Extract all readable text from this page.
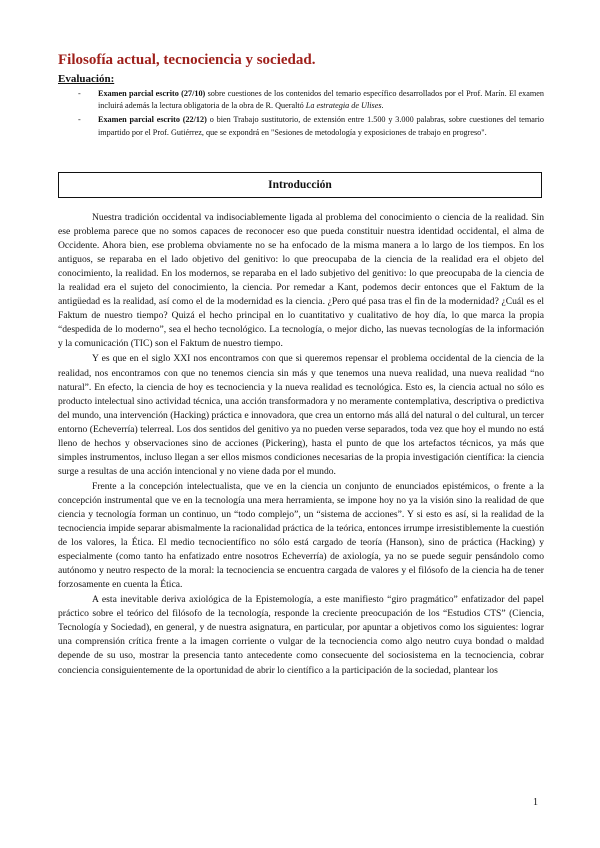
Filosofía actual, tecnociencia y sociedad.
Evaluación:
- Examen parcial escrito (27/10) sobre cuestiones de los contenidos del temario específico desarrollados por el Prof. Marín. El examen incluirá además la lectura obligatoria de la obra de R. Queraltó La estrategia de Ulises.
- Examen parcial escrito (22/12) o bien Trabajo sustitutorio, de extensión entre 1.500 y 3.000 palabras, sobre cuestiones del temario impartido por el Prof. Gutiérrez, que se expondrá en "Sesiones de metodología y exposiciones de trabajo en progreso".
Introducción

Nuestra tradición occidental va indisociablemente ligada al problema del conocimiento o ciencia de la realidad. Sin ese problema parece que no somos capaces de reconocer eso que pueda constituir nuestra identidad occidental, el alma de Occidente. Ahora bien, ese problema obviamente no se ha enfocado de la misma manera a lo largo de los tiempos. En los antiguos, se reparaba en el lado objetivo del genitivo: lo que preocupaba de la ciencia de la realidad era el objeto del conocimiento, la realidad. En los modernos, se reparaba en el lado subjetivo del genitivo: lo que preocupaba de la ciencia de la realidad era el sujeto del conocimiento, la ciencia. Por remedar a Kant, podemos decir entonces que el Faktum de la antigüedad es la realidad, así como el de la modernidad es la ciencia. ¿Pero qué pasa tras el fin de la modernidad? ¿Cuál es el Faktum de nuestro tiempo? Quizá el hecho principal en lo cuantitativo y cualitativo de hoy día, lo que marca la propia “despedida de lo moderno”, sea el hecho tecnológico. La tecnología, o mejor dicho, las nuevas tecnologías de la información y la comunicación (TIC) son el Faktum de nuestro tiempo.

Y es que en el siglo XXI nos encontramos con que si queremos repensar el problema occidental de la ciencia de la realidad, nos encontramos con que no tenemos ciencia sin más y que tenemos una nueva realidad, una nueva realidad “no natural”. En efecto, la ciencia de hoy es tecnociencia y la nueva realidad es tecnológica. Esto es, la ciencia actual no sólo es producto intelectual sino actividad técnica, una acción transformadora y no meramente contemplativa, descriptiva o predictiva del mundo, una intervención (Hacking) práctica e innovadora, que crea un entorno más allá del natural o del cultural, un tercer entorno (Echeverría) telerreal. Los dos sentidos del genitivo ya no pueden verse separados, toda vez que hoy el mundo no está lleno de hechos y observaciones sino de acciones (Pickering), hasta el punto de que los artefactos técnicos, ya más que simples instrumentos, incluso llegan a ser ellos mismos condiciones necesarias de la propia investigación científica: la ciencia surge a resultas de una acción intencional y no viene dada por el mundo.

Frente a la concepción intelectualista, que ve en la ciencia un conjunto de enunciados epistémicos, o frente a la concepción instrumental que ve en la tecnología una mera herramienta, se impone hoy no ya la visión sino la realidad de que ciencia y tecnología forman un continuo, un “todo complejo”, un “sistema de acciones”. Y si esto es así, si la realidad de la tecnociencia impide separar abismalmente la racionalidad práctica de la teórica, entonces irrumpe irresistiblemente la cuestión de los valores, la Ética. El medio tecnocientífico no sólo está cargado de teoría (Hanson), sino de práctica (Hacking) y especialmente (como tanto ha enfatizado entre nosotros Echeverría) de axiología, ya no se puede seguir pensándolo como autónomo y neutro respecto de la moral: la tecnociencia se encuentra cargada de valores y el filósofo de la ciencia ha de tener forzosamente en cuenta la Ética.

A esta inevitable deriva axiológica de la Epistemología, a este manifiesto “giro pragmático” enfatizador del papel práctico sobre el teórico del filósofo de la tecnología, responde la creciente preocupación de los “Estudios CTS” (Ciencia, Tecnología y Sociedad), en general, y de nuestra asignatura, en particular, por apuntar a objetivos como los siguientes: lograr una comprensión crítica frente a la imagen corriente o vulgar de la tecnociencia como algo neutro cuya bondad o maldad depende de su uso, mostrar la presencia tanto antecedente como consecuente del sociosistema en la tecnociencia, cobrar conciencia consiguientemente de la oportunidad de abrir lo científico a la participación de la sociedad, plantear los

1
